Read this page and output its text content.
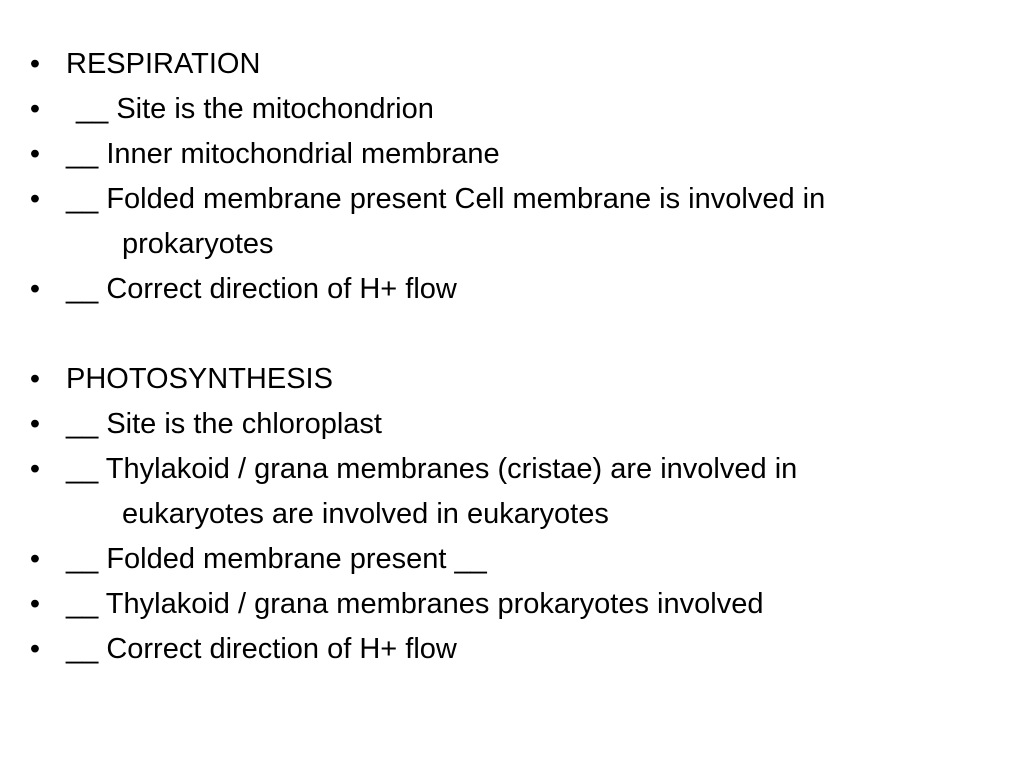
• RESPIRATION
•	__ Site is the mitochondrion
• __ Inner mitochondrial membrane
• __ Folded membrane present Cell membrane is involved in
prokaryotes
• __ Correct direction of H+ flow
• PHOTOSYNTHESIS
• __ Site is the chloroplast
• __ Thylakoid / grana membranes (cristae) are involved in
eukaryotes are involved in eukaryotes
• __ Folded membrane present __
• __ Thylakoid / grana membranes prokaryotes involved
• __ Correct direction of H+ flow
